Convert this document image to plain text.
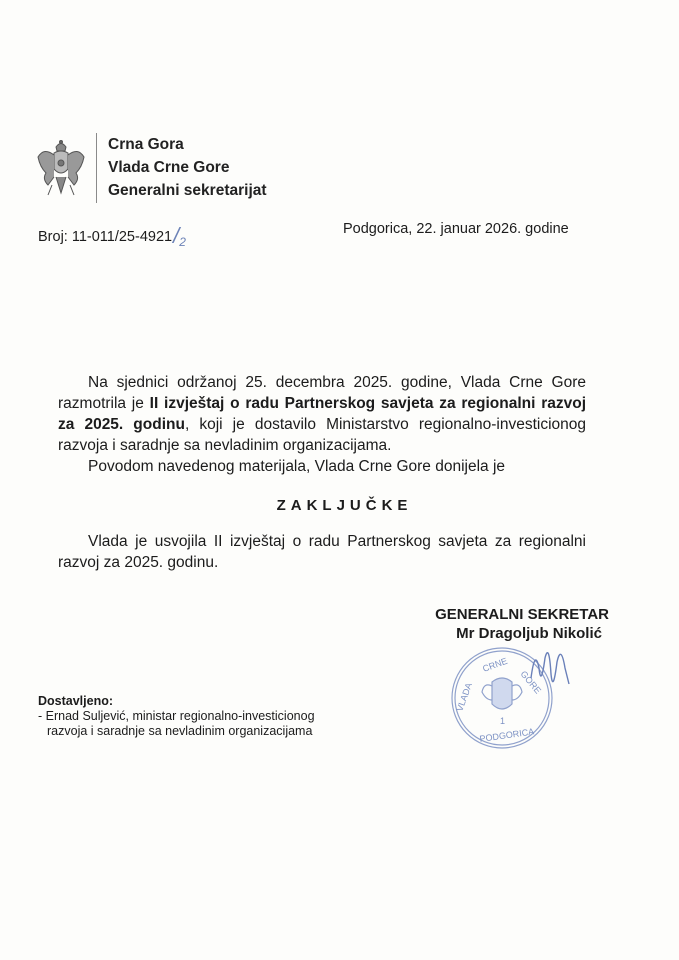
Crna Gora
Vlada Crne Gore
Generalni sekretarijat
Broj: $11-011/25-4921/_2$
Podgorica, 22. januar 2026. godine

Na sjednici održanoj 25. decembra 2025. godine, Vlada Crne Gore razmotrila je II izvještaj o radu Partnerskog savjeta za regionalni razvoj za 2025. godinu, koji je dostavilo Ministarstvo regionalno-investicionog razvoja i saradnje sa nevladinim organizacijama.

Povodom navedenog materijala, Vlada Crne Gore donijela je

ZAKLJUČKE

Vlada je usvojila II izvještaj o radu Partnerskog savjeta za regionalni razvoj za 2025. godinu.

GENERALNI SEKRETAR
Mr Dragoljub Nikolić
VLADA
CRNE
GORE
1
PODGORICA
Dostavljeno:
- Ernad Suljević, ministar regionalno-investicionog
razvoja i saradnje sa nevladinim organizacijama
